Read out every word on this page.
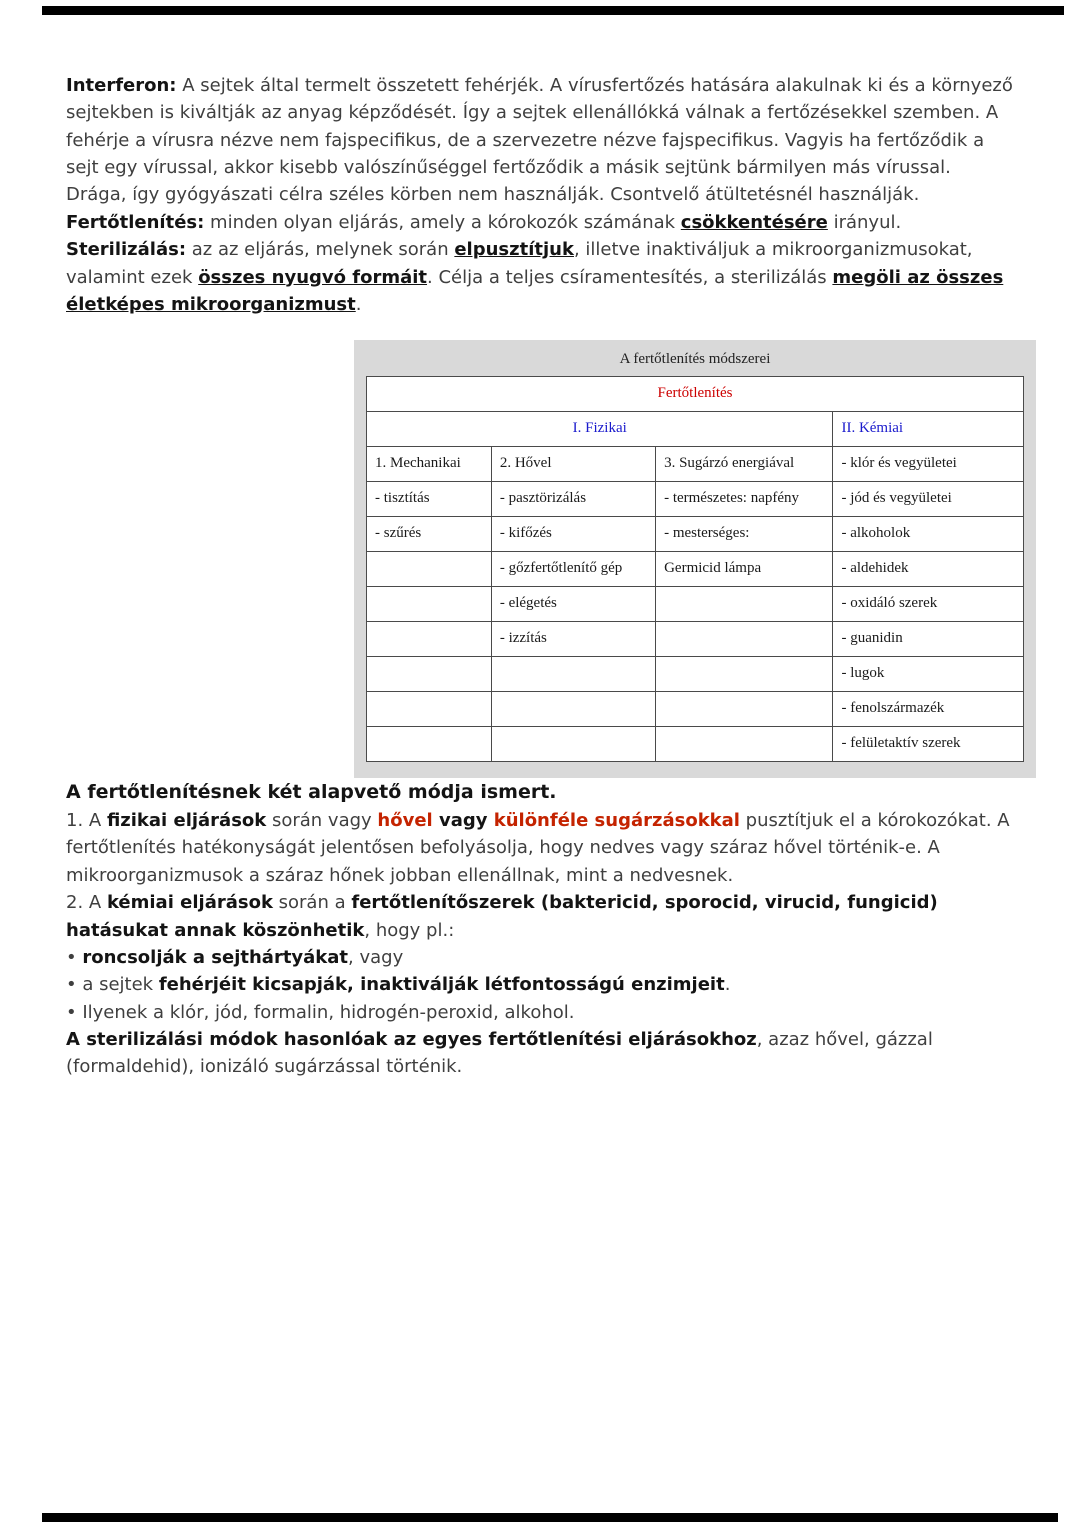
Interferon: A sejtek által termelt összetett fehérjék. A vírusfertőzés hatására alakulnak ki és a környező sejtekben is kiváltják az anyag képződését. Így a sejtek ellenállókká válnak a fertőzésekkel szemben. A fehérje a vírusra nézve nem fajspecifikus, de a szervezetre nézve fajspecifikus. Vagyis ha fertőződik a sejt egy vírussal, akkor kisebb valószínűséggel fertőződik a másik sejtünk bármilyen más vírussal.

Drága, így gyógyászati célra széles körben nem használják. Csontvelő átültetésnél használják.

Fertőtlenítés: minden olyan eljárás, amely a kórokozók számának csökkentésére irányul.

Sterilizálás: az az eljárás, melynek során elpusztítjuk, illetve inaktiváljuk a mikroorganizmusokat, valamint ezek összes nyugvó formáit. Célja a teljes csíramentesítés, a sterilizálás megöli az összes életképes mikroorganizmust.

A fertőtlenítés módszerei
Fertőtlenítés			
I. Fizikai			II. Kémiai
1. Mechanikai	2. Hővel	3. Sugárzó energiával	- klór és vegyületei
- tisztítás	- pasztörizálás	- természetes: napfény	- jód és vegyületei
- szűrés	- kifőzés	- mesterséges:	- alkoholok
	- gőzfertőtlenítő gép	Germicid lámpa	- aldehidek
	- elégetés		- oxidáló szerek
	- izzítás		- guanidin
			- lugok
			- fenolszármazék
			- felületaktív szerek

A fertőtlenítésnek két alapvető módja ismert.

1. A fizikai eljárások során vagy hővel vagy különféle sugárzásokkal pusztítjuk el a kórokozókat. A fertőtlenítés hatékonyságát jelentősen befolyásolja, hogy nedves vagy száraz hővel történik-e. A mikroorganizmusok a száraz hőnek jobban ellenállnak, mint a nedvesnek.

2. A kémiai eljárások során a fertőtlenítőszerek (baktericid, sporocid, virucid, fungicid) hatásukat annak köszönhetik, hogy pl.:

• roncsolják a sejthártyákat, vagy

• a sejtek fehérjéit kicsapják, inaktiválják létfontosságú enzimjeit.

• Ilyenek a klór, jód, formalin, hidrogén-peroxid, alkohol.

A sterilizálási módok hasonlóak az egyes fertőtlenítési eljárásokhoz, azaz hővel, gázzal (formaldehid), ionizáló sugárzással történik.
